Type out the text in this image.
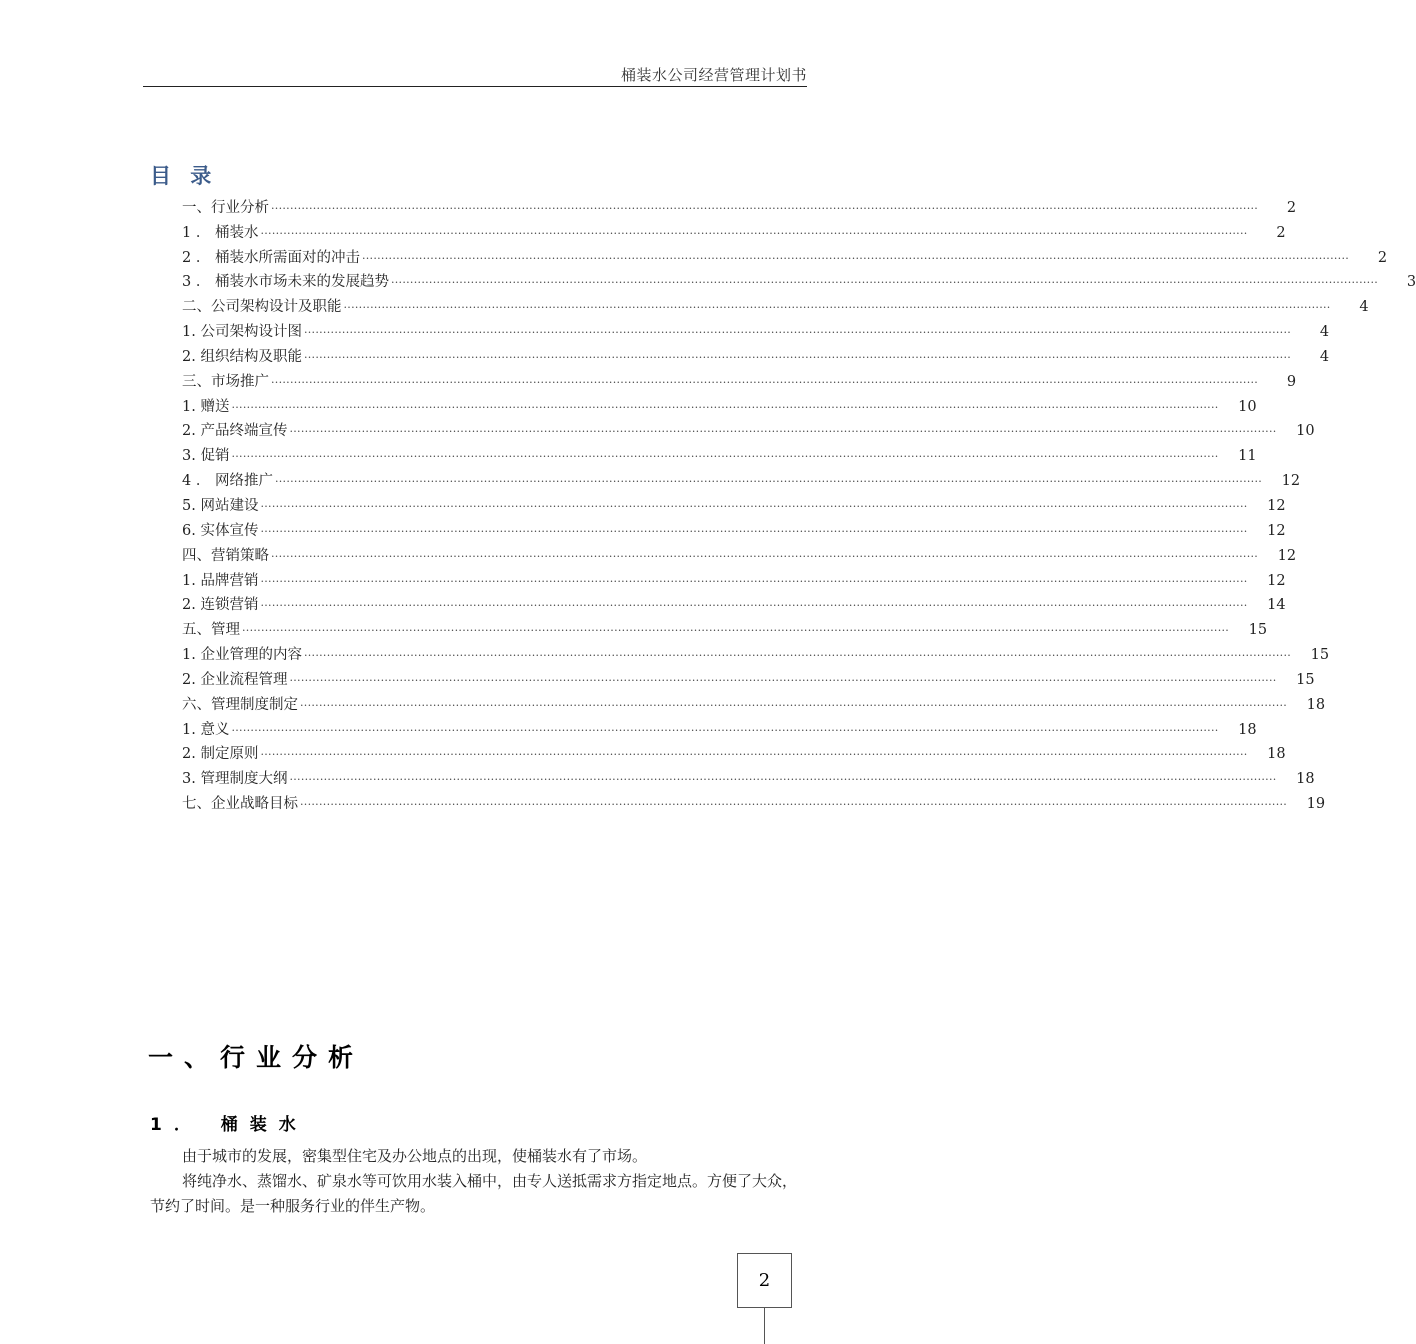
桶装水公司经营管理计划书
目 录
一、行业分析 ....................................................................................................................................................................................................................................................................	2
1 ． 桶装水 ....................................................................................................................................................................................................................................................................	2
2 ． 桶装水所需面对的冲击 ....................................................................................................................................................................................................................................................................	2
3 ． 桶装水市场未来的发展趋势 ....................................................................................................................................................................................................................................................................	3
二、公司架构设计及职能 ....................................................................................................................................................................................................................................................................	4
1. 公司架构设计图 ....................................................................................................................................................................................................................................................................	4
2. 组织结构及职能 ....................................................................................................................................................................................................................................................................	4
三、市场推广 ....................................................................................................................................................................................................................................................................	9
1. 赠送 ....................................................................................................................................................................................................................................................................	10
2. 产品终端宣传 ....................................................................................................................................................................................................................................................................	10
3. 促销 ....................................................................................................................................................................................................................................................................	11
4 ． 网络推广 ....................................................................................................................................................................................................................................................................	12
5. 网站建设 ....................................................................................................................................................................................................................................................................	12
6. 实体宣传 ....................................................................................................................................................................................................................................................................	12
四、营销策略 ....................................................................................................................................................................................................................................................................	12
1. 品牌营销 ....................................................................................................................................................................................................................................................................	12
2. 连锁营销 ....................................................................................................................................................................................................................................................................	14
五、管理 ....................................................................................................................................................................................................................................................................	15
1. 企业管理的内容 ....................................................................................................................................................................................................................................................................	15
2. 企业流程管理 ....................................................................................................................................................................................................................................................................	15
六、管理制度制定 ....................................................................................................................................................................................................................................................................	18
1. 意义 ....................................................................................................................................................................................................................................................................	18
2. 制定原则 ....................................................................................................................................................................................................................................................................	18
3. 管理制度大纲 ....................................................................................................................................................................................................................................................................	18
七、企业战略目标 ....................................................................................................................................................................................................................................................................	19
一、行业分析
1． 桶装水

由于城市的发展，密集型住宅及办公地点的出现，使桶装水有了市场。

将纯净水、蒸馏水、矿泉水等可饮用水装入桶中，由专人送抵需求方指定地点。方便了大众，节约了时间。是一种服务行业的伴生产物。

2
